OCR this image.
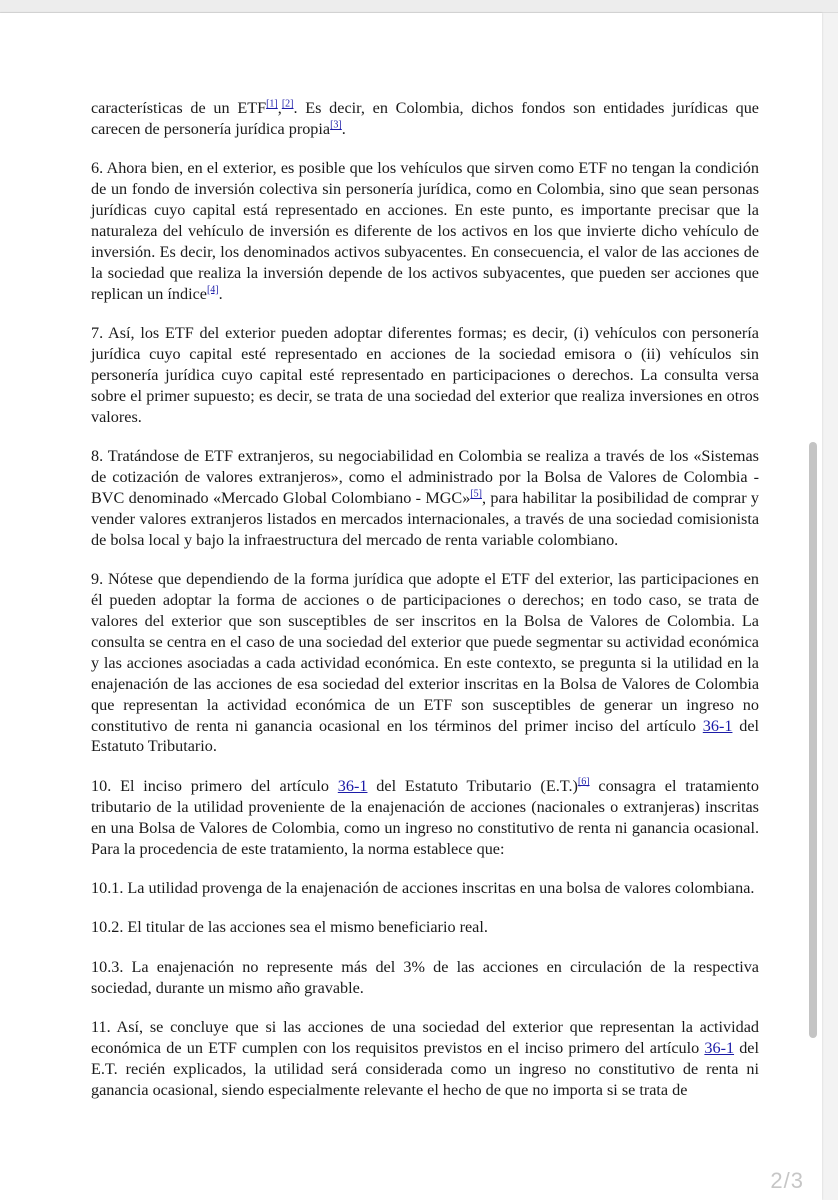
características de un ETF[1],[2]. Es decir, en Colombia, dichos fondos son entidades jurídicas que carecen de personería jurídica propia[3].

6. Ahora bien, en el exterior, es posible que los vehículos que sirven como ETF no tengan la condición de un fondo de inversión colectiva sin personería jurídica, como en Colombia, sino que sean personas jurídicas cuyo capital está representado en acciones. En este punto, es importante precisar que la naturaleza del vehículo de inversión es diferente de los activos en los que invierte dicho vehículo de inversión. Es decir, los denominados activos subyacentes. En consecuencia, el valor de las acciones de la sociedad que realiza la inversión depende de los activos subyacentes, que pueden ser acciones que replican un índice[4].

7. Así, los ETF del exterior pueden adoptar diferentes formas; es decir, (i) vehículos con personería jurídica cuyo capital esté representado en acciones de la sociedad emisora o (ii) vehículos sin personería jurídica cuyo capital esté representado en participaciones o derechos. La consulta versa sobre el primer supuesto; es decir, se trata de una sociedad del exterior que realiza inversiones en otros valores.

8. Tratándose de ETF extranjeros, su negociabilidad en Colombia se realiza a través de los «Sistemas de cotización de valores extranjeros», como el administrado por la Bolsa de Valores de Colombia - BVC denominado «Mercado Global Colombiano - MGC»[5], para habilitar la posibilidad de comprar y vender valores extranjeros listados en mercados internacionales, a través de una sociedad comisionista de bolsa local y bajo la infraestructura del mercado de renta variable colombiano.

9. Nótese que dependiendo de la forma jurídica que adopte el ETF del exterior, las participaciones en él pueden adoptar la forma de acciones o de participaciones o derechos; en todo caso, se trata de valores del exterior que son susceptibles de ser inscritos en la Bolsa de Valores de Colombia. La consulta se centra en el caso de una sociedad del exterior que puede segmentar su actividad económica y las acciones asociadas a cada actividad económica. En este contexto, se pregunta si la utilidad en la enajenación de las acciones de esa sociedad del exterior inscritas en la Bolsa de Valores de Colombia que representan la actividad económica de un ETF son susceptibles de generar un ingreso no constitutivo de renta ni ganancia ocasional en los términos del primer inciso del artículo 36-1 del Estatuto Tributario.

10. El inciso primero del artículo 36-1 del Estatuto Tributario (E.T.)[6] consagra el tratamiento tributario de la utilidad proveniente de la enajenación de acciones (nacionales o extranjeras) inscritas en una Bolsa de Valores de Colombia, como un ingreso no constitutivo de renta ni ganancia ocasional. Para la procedencia de este tratamiento, la norma establece que:

10.1. La utilidad provenga de la enajenación de acciones inscritas en una bolsa de valores colombiana.

10.2. El titular de las acciones sea el mismo beneficiario real.

10.3. La enajenación no represente más del 3% de las acciones en circulación de la respectiva sociedad, durante un mismo año gravable.

11. Así, se concluye que si las acciones de una sociedad del exterior que representan la actividad económica de un ETF cumplen con los requisitos previstos en el inciso primero del artículo 36-1 del E.T. recién explicados, la utilidad será considerada como un ingreso no constitutivo de renta ni ganancia ocasional, siendo especialmente relevante el hecho de que no importa si se trata de

2/3
